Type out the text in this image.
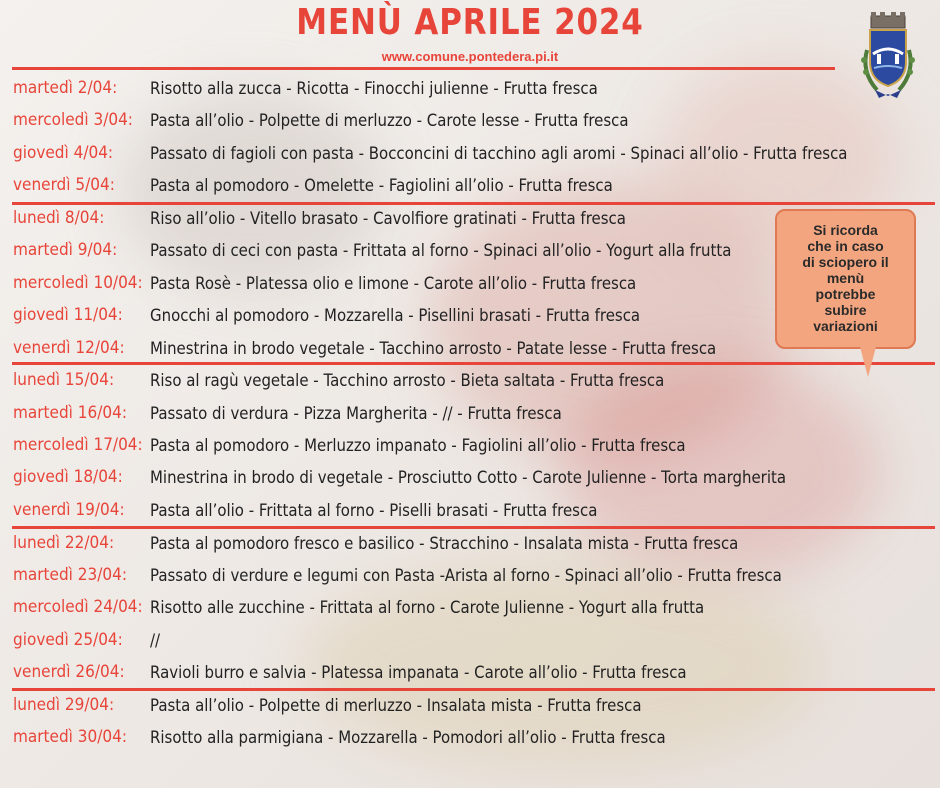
MENÙ APRILE 2024
www.comune.pontedera.pi.it
martedì 2/04: Risotto alla zucca - Ricotta - Finocchi julienne - Frutta fresca
mercoledì 3/04: Pasta all’olio - Polpette di merluzzo - Carote lesse - Frutta fresca
giovedì 4/04: Passato di fagioli con pasta - Bocconcini di tacchino agli aromi - Spinaci all’olio - Frutta fresca
venerdì 5/04: Pasta al pomodoro - Omelette - Fagiolini all’olio - Frutta fresca
lunedì 8/04:	Riso all’olio - Vitello brasato - Cavolfiore gratinati - Frutta fresca
martedì 9/04: Passato di ceci con pasta - Frittata al forno - Spinaci all’olio - Yogurt alla frutta
mercoledì 10/04: Pasta Rosè - Platessa olio e limone - Carote all’olio - Frutta fresca
giovedì 11/04: Gnocchi al pomodoro - Mozzarella - Pisellini brasati - Frutta fresca
venerdì 12/04: Minestrina in brodo vegetale - Tacchino arrosto - Patate lesse - Frutta fresca
lunedì 15/04: Riso al ragù vegetale - Tacchino arrosto - Bieta saltata - Frutta fresca
martedì 16/04: Passato di verdura - Pizza Margherita - // - Frutta fresca
mercoledì 17/04: Pasta al pomodoro - Merluzzo impanato - Fagiolini all’olio - Frutta fresca
giovedì 18/04: Minestrina in brodo di vegetale - Prosciutto Cotto - Carote Julienne - Torta margherita
venerdì 19/04: Pasta all’olio - Frittata al forno - Piselli brasati - Frutta fresca
lunedì 22/04: Pasta al pomodoro fresco e basilico - Stracchino - Insalata mista - Frutta fresca
martedì 23/04: Passato di verdure e legumi con Pasta -Arista al forno - Spinaci all’olio - Frutta fresca
mercoledì 24/04: Risotto alle zucchine - Frittata al forno - Carote Julienne - Yogurt alla frutta
giovedì 25/04: //
venerdì 26/04: Ravioli burro e salvia - Platessa impanata - Carote all’olio - Frutta fresca
lunedì 29/04: Pasta all’olio - Polpette di merluzzo - Insalata mista - Frutta fresca
martedì 30/04: Risotto alla parmigiana - Mozzarella - Pomodori all’olio - Frutta fresca
Si ricorda
che in caso
di sciopero il
menù
potrebbe
subire
variazioni
